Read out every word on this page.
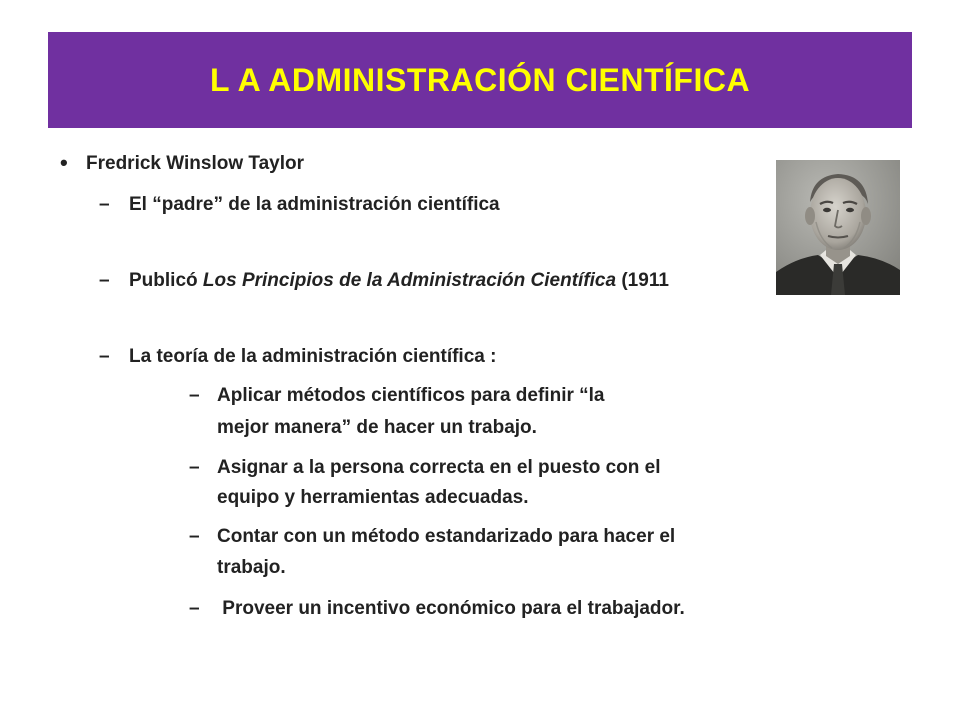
L A ADMINISTRACIÓN CIENTÍFICA
• Fredrick Winslow Taylor
– El “padre” de la administración científica
– Publicó Los Principios de la Administración Científica (1911
– La teoría de la administración científica :
– Aplicar métodos científicos para definir “la
mejor manera” de hacer un trabajo.
– Asignar a la persona correcta en el puesto con el
equipo y herramientas adecuadas.
– Contar con un método estandarizado para hacer el
trabajo.
– Proveer un incentivo económico para el trabajador.
